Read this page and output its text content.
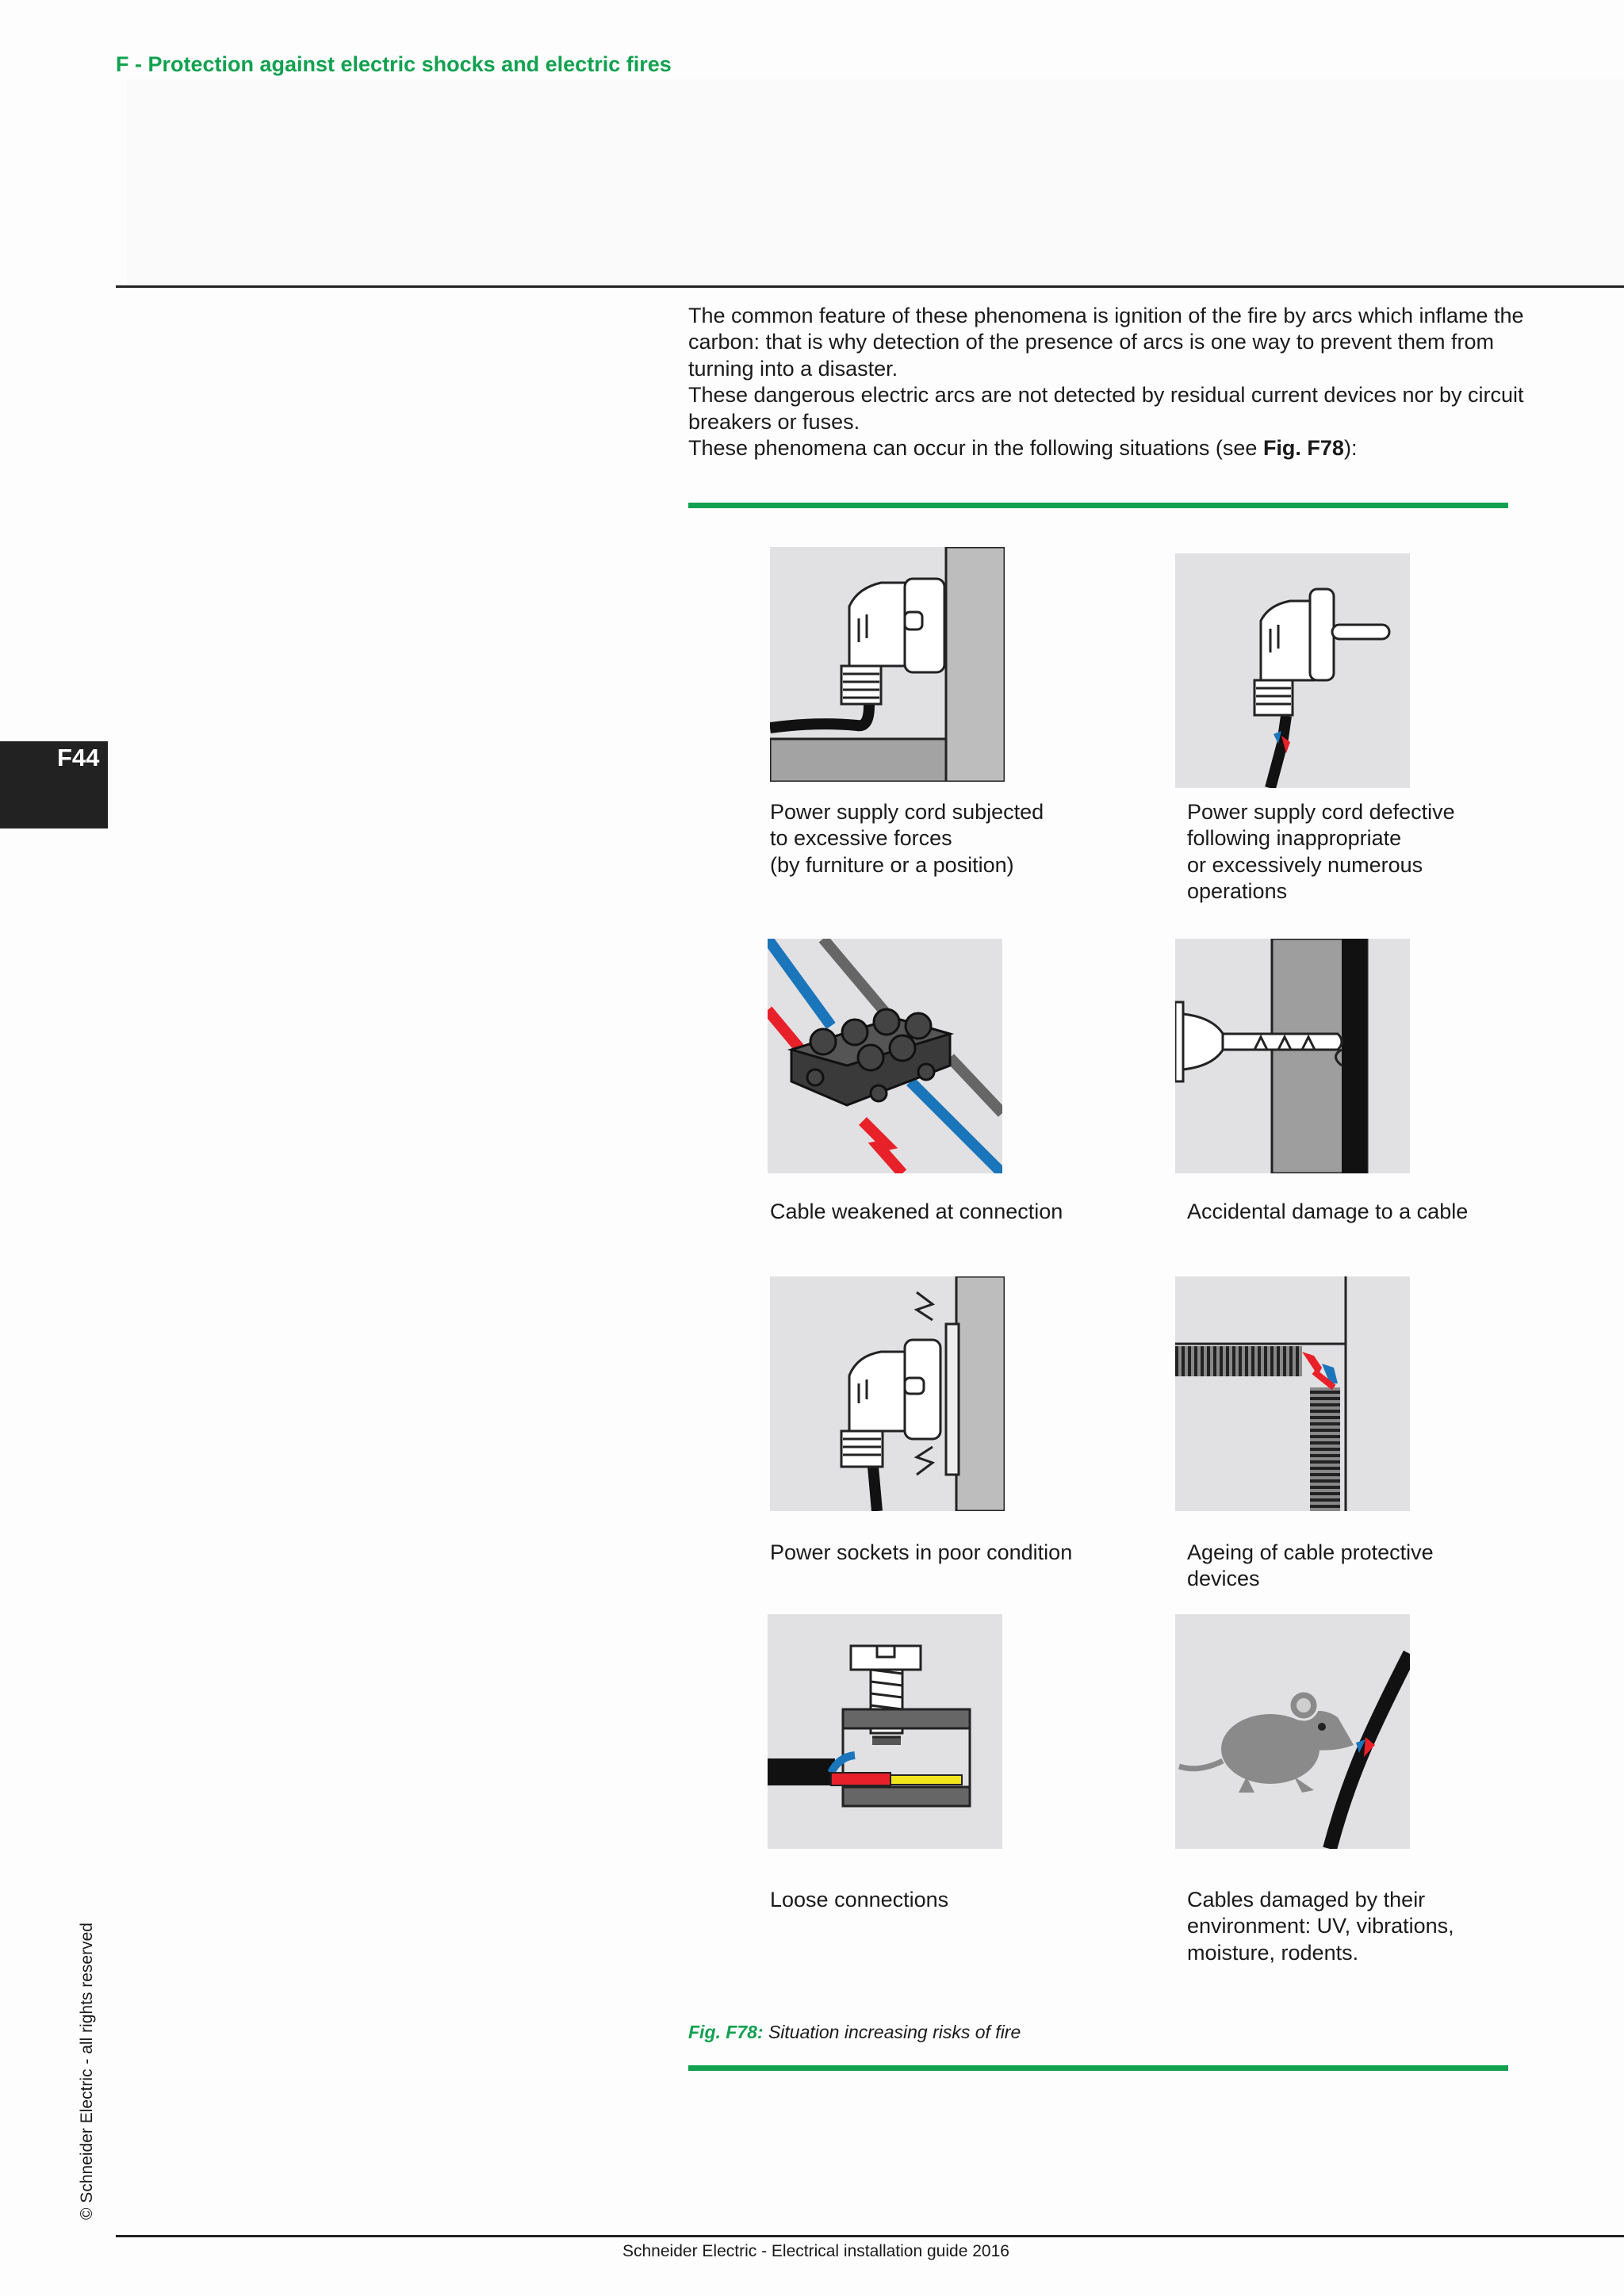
F - Protection against electric shocks and electric fires
F44

The common feature of these phenomena is ignition of the fire by arcs which inflame the carbon: that is why detection of the presence of arcs is one way to prevent them from turning into a disaster.

These dangerous electric arcs are not detected by residual current devices nor by circuit breakers or fuses.

These phenomena can occur in the following situations (see Fig. F78):

Power supply cord subjected
to excessive forces
(by furniture or a position)
Power supply cord defective
following inappropriate
or excessively numerous
operations
Cable weakened at connection	Accidental damage to a cable
Power sockets in poor condition	Ageing of cable protective
devices
Loose connections	Cables damaged by their
environment: UV, vibrations,
moisture, rodents.
Fig. F78: Situation increasing risks of fire
© Schneider Electric - all rights reserved
Schneider Electric - Electrical installation guide 2016
